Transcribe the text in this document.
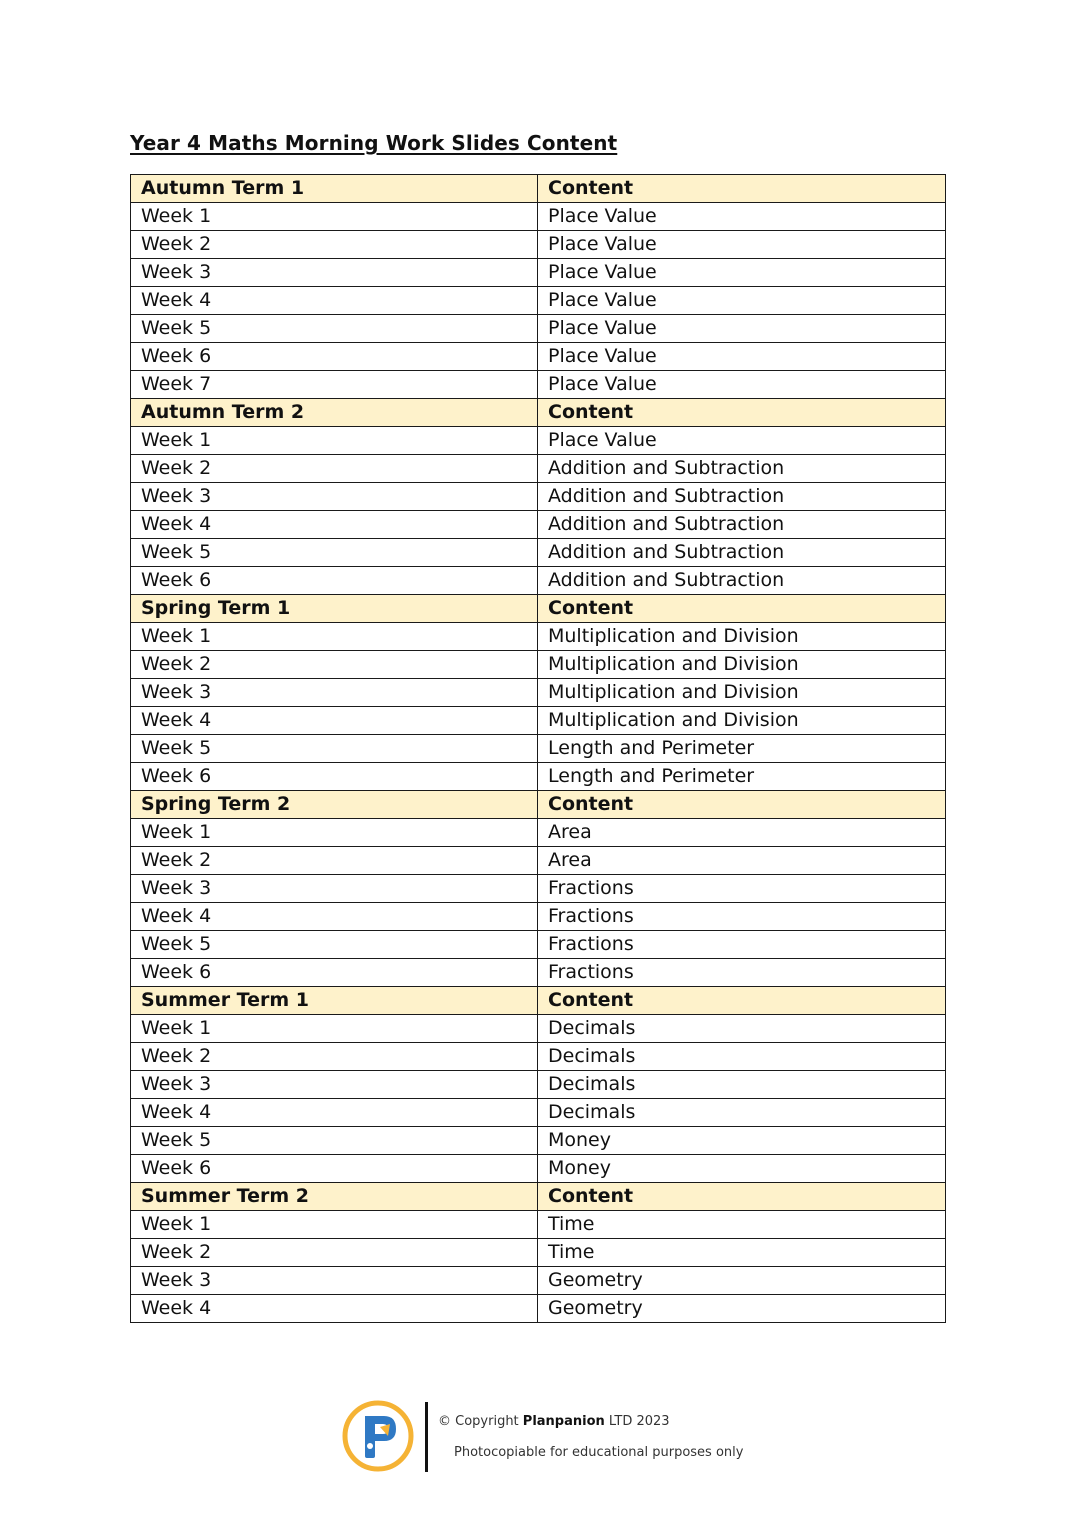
Year 4 Maths Morning Work Slides Content
Autumn Term 1	Content
Week 1	Place Value
Week 2	Place Value
Week 3	Place Value
Week 4	Place Value
Week 5	Place Value
Week 6	Place Value
Week 7	Place Value
Autumn Term 2	Content
Week 1	Place Value
Week 2	Addition and Subtraction
Week 3	Addition and Subtraction
Week 4	Addition and Subtraction
Week 5	Addition and Subtraction
Week 6	Addition and Subtraction
Spring Term 1	Content
Week 1	Multiplication and Division
Week 2	Multiplication and Division
Week 3	Multiplication and Division
Week 4	Multiplication and Division
Week 5	Length and Perimeter
Week 6	Length and Perimeter
Spring Term 2	Content
Week 1	Area
Week 2	Area
Week 3	Fractions
Week 4	Fractions
Week 5	Fractions
Week 6	Fractions
Summer Term 1	Content
Week 1	Decimals
Week 2	Decimals
Week 3	Decimals
Week 4	Decimals
Week 5	Money
Week 6	Money
Summer Term 2	Content
Week 1	Time
Week 2	Time
Week 3	Geometry
Week 4	Geometry
© Copyright Planpanion LTD 2023
Photocopiable for educational purposes only
